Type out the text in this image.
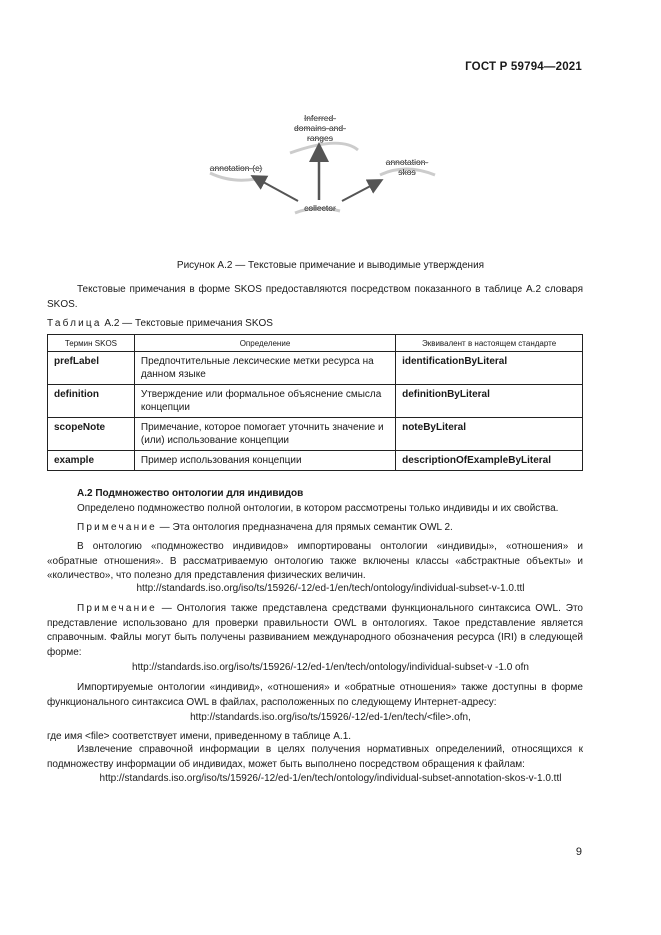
ГОСТ Р 59794—2021
Inferred-domains-and-ranges
annotation-(c)
annotation-skos
collector
Рисунок А.2 — Текстовые примечание и выводимые утверждения
Текстовые примечания в форме SKOS предоставляются посредством показанного в таблице А.2 словаря SKOS.
Таблица А.2 — Текстовые примечания SKOS
Термин SKOS	Определение	Эквивалент в настоящем стандарте
prefLabel	Предпочтительные лексические метки ресурса на данном языке	identificationByLiteral
definition	Утверждение или формальное объяснение смысла концепции	definitionByLiteral
scopeNote	Примечание, которое помогает уточнить значение и (или) использование концепции	noteByLiteral
example	Пример использования концепции	descriptionOfExampleByLiteral
А.2 Подмножество онтологии для индивидов
Определено подмножество полной онтологии, в котором рассмотрены только индивиды и их свойства.
Примечание — Эта онтология предназначена для прямых семантик OWL 2.
В онтологию «подмножество индивидов» импортированы онтологии «индивиды», «отношения» и «обратные отношения». В рассматриваемую онтологию также включены классы «абстрактные объекты» и «количество», что полезно для представления физических величин.
http://standards.iso.org/iso/ts/15926/-12/ed-1/en/tech/ontology/individual-subset-v-1.0.ttl
Примечание — Онтология также представлена средствами функционального синтаксиса OWL. Это представление использовано для проверки правильности OWL в онтологиях. Такое представление является справочным. Файлы могут быть получены развиванием международного обозначения ресурса (IRI) в следующей форме:
http://standards.iso.org/iso/ts/15926/-12/ed-1/en/tech/ontology/individual-subset-v -1.0 ofn
Импортируемые онтологии «индивид», «отношения» и «обратные отношения» также доступны в форме функционального синтаксиса OWL в файлах, расположенных по следующему Интернет-адресу:
http://standards.iso.org/iso/ts/15926/-12/ed-1/en/tech/<file>.ofn,
где имя <file> соответствует имени, приведенному в таблице А.1.
Извлечение справочной информации в целях получения нормативных определениий, относящихся к подмножеству информации об индивидах, может быть выполнено посредством обращения к файлам:
http://standards.iso.org/iso/ts/15926/-12/ed-1/en/tech/ontology/individual-subset-annotation-skos-v-1.0.ttl
9
